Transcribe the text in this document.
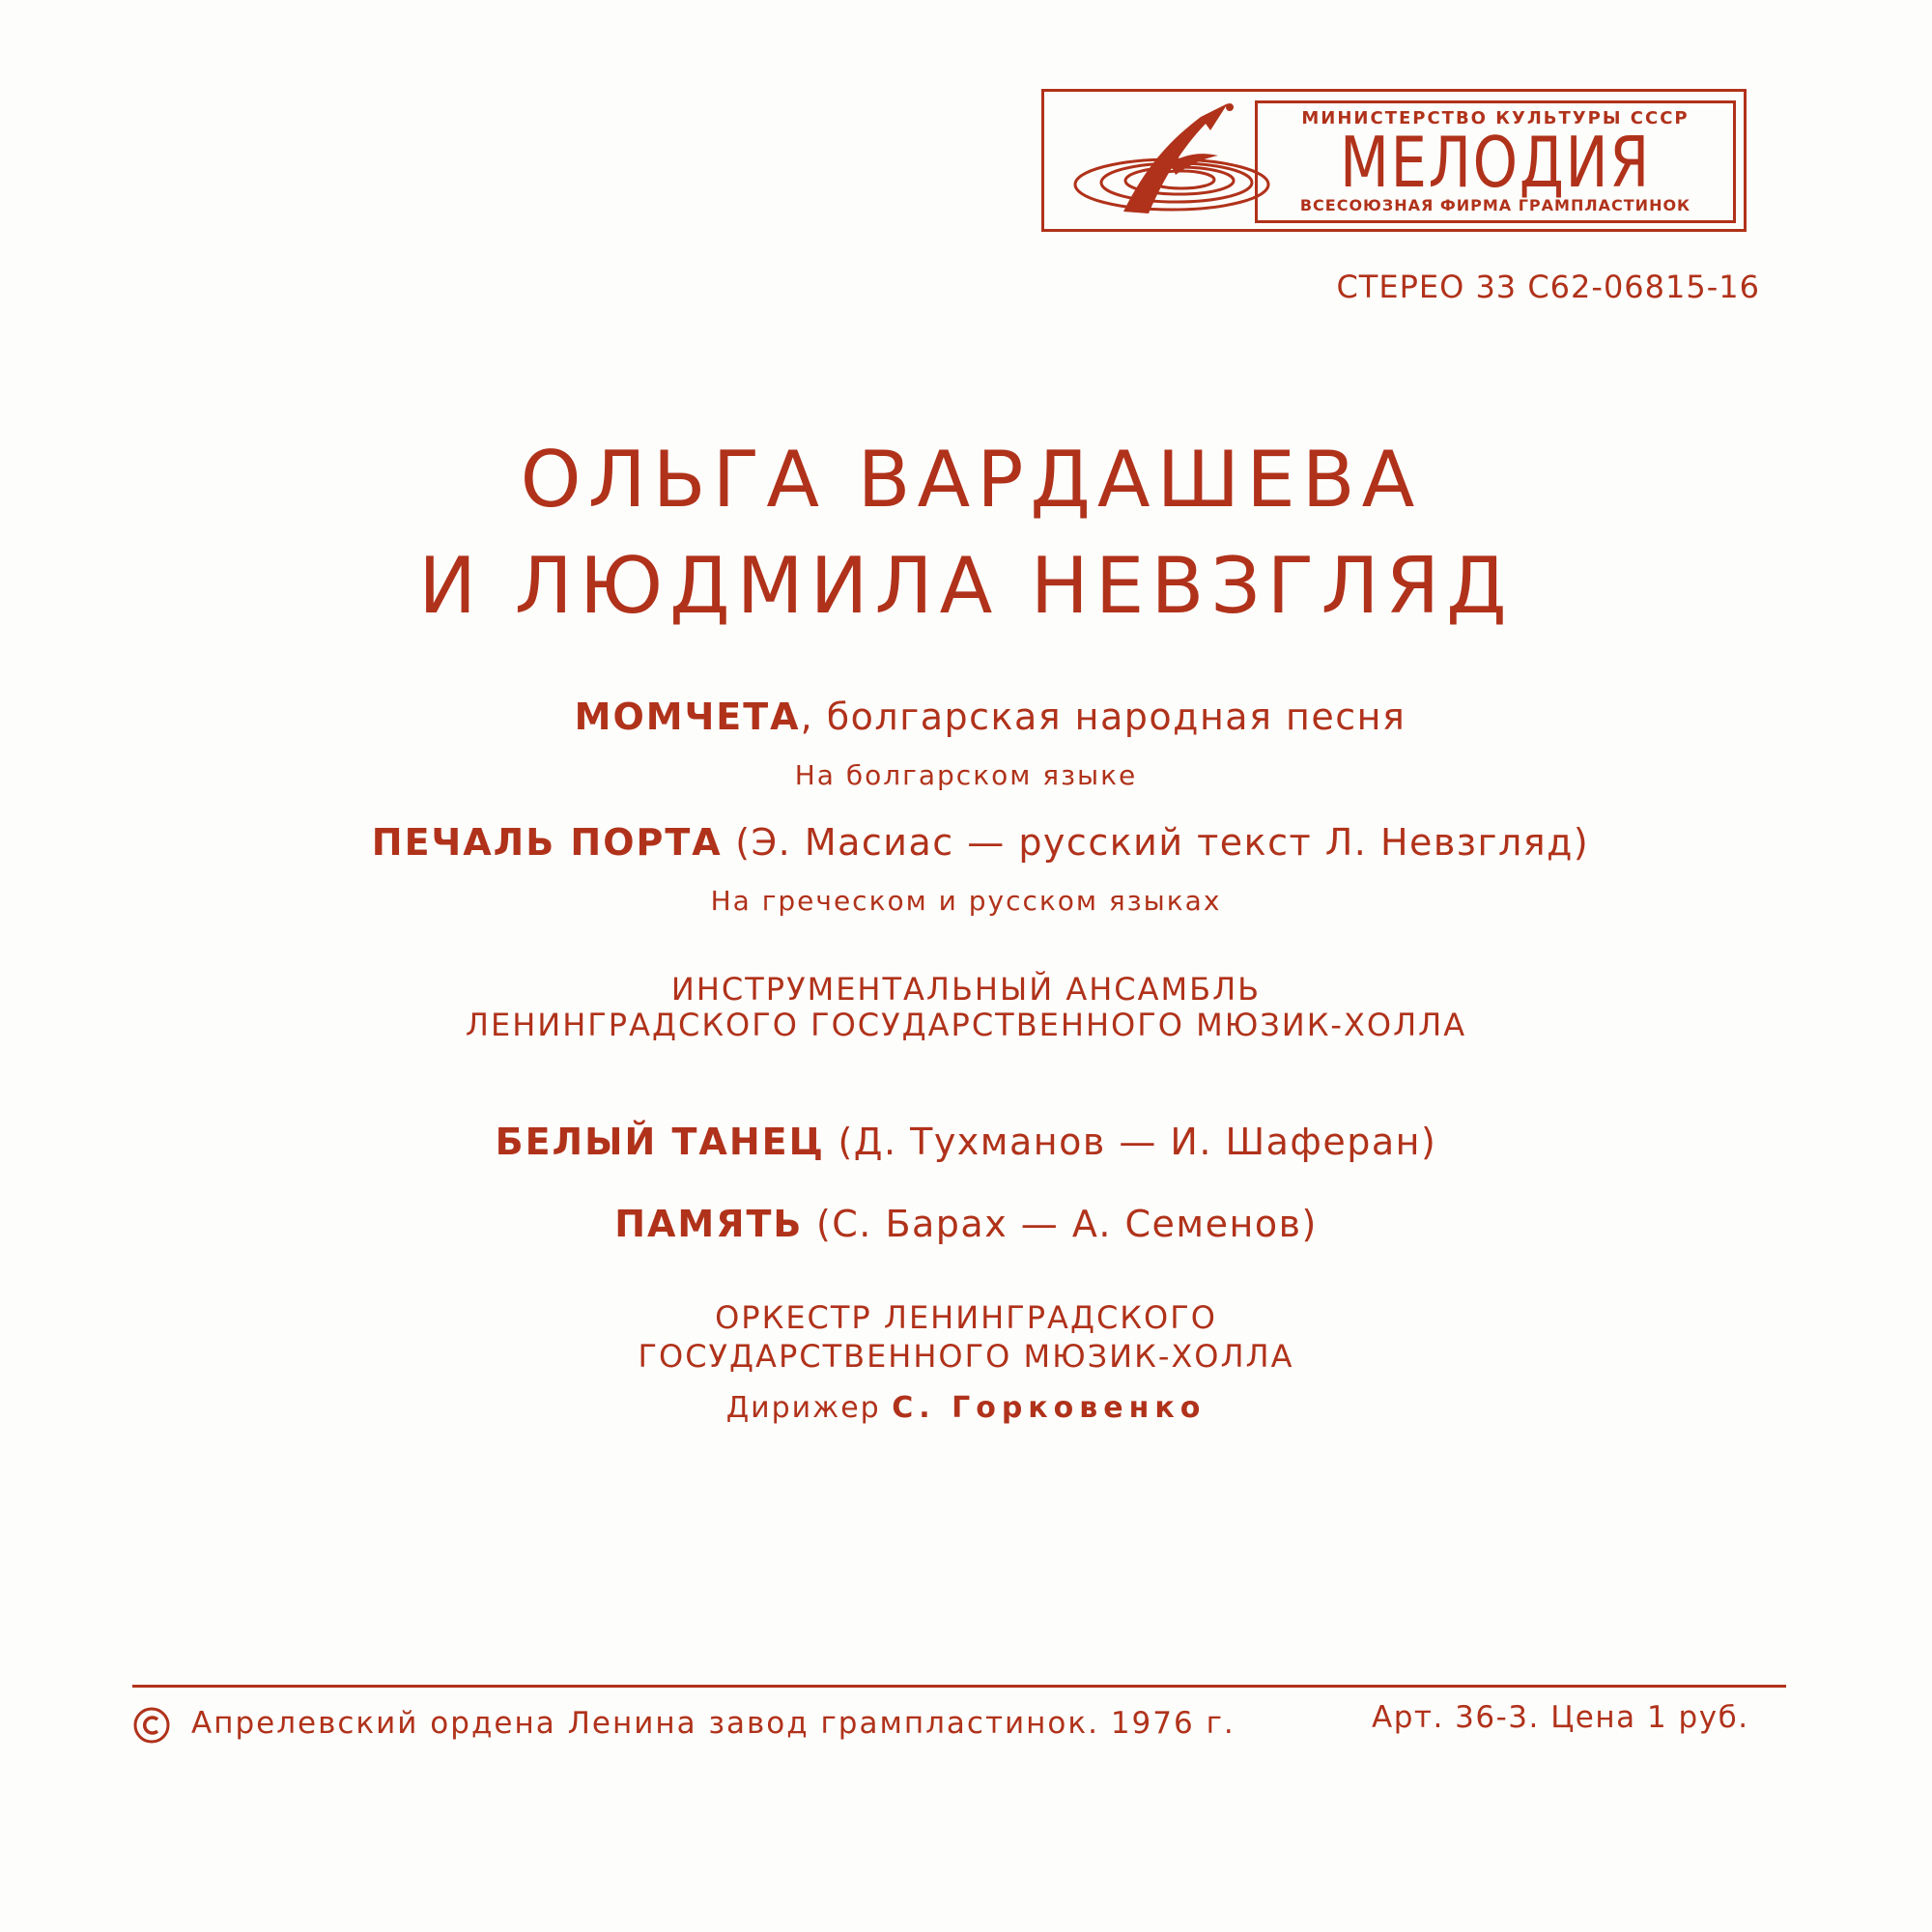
МИНИСТЕРСТВО КУЛЬТУРЫ СССР
МЕЛОДИЯ
ВСЕСОЮЗНАЯ ФИРМА ГРАМПЛАСТИНОК
СТЕРЕО 33 С62-06815-16
ОЛЬГА ВАРДАШЕВА
И ЛЮДМИЛА НЕВЗГЛЯД
МОМЧЕТА, болгарская народная песня
На болгарском языке
ПЕЧАЛЬ ПОРТА (Э. Масиас — русский текст Л. Невзгляд)
На греческом и русском языках
ИНСТРУМЕНТАЛЬНЫЙ АНСАМБЛЬ
ЛЕНИНГРАДСКОГО ГОСУДАРСТВЕННОГО МЮЗИК-ХОЛЛА
БЕЛЫЙ ТАНЕЦ (Д. Тухманов — И. Шаферан)
ПАМЯТЬ (С. Барах — А. Семенов)
ОРКЕСТР ЛЕНИНГРАДСКОГО
ГОСУДАРСТВЕННОГО МЮЗИК-ХОЛЛА
Дирижер С. Горковенко
Апрелевский ордена Ленина завод грампластинок. 1976 г.	Арт. 36-3. Цена 1 руб.
